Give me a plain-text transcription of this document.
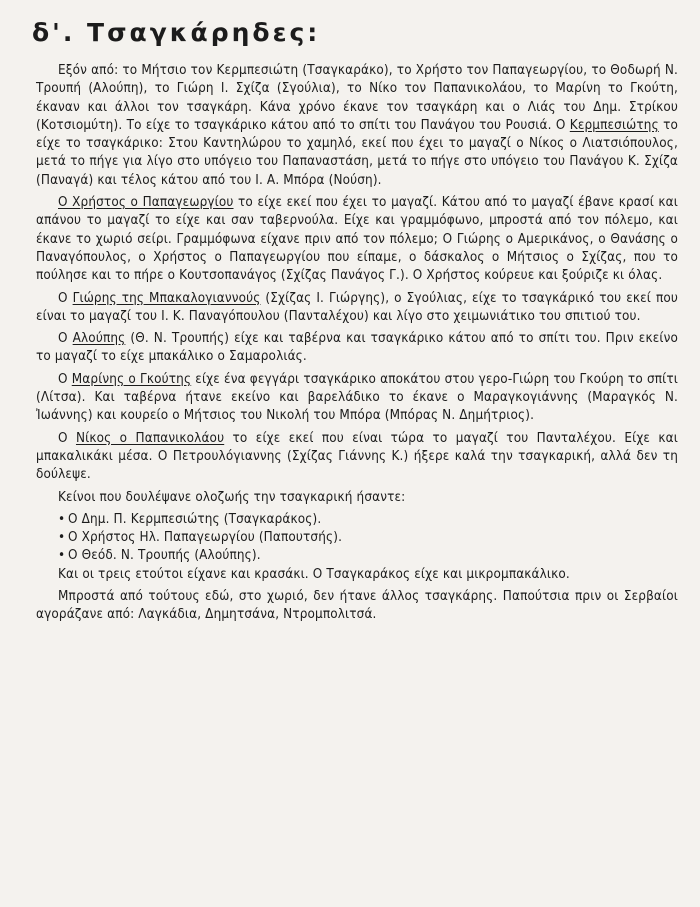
δ'. Τσαγκάρηδες:

Εξόν από: το Μήτσιο τον Κερμπεσιώτη (Τσαγκαράκο), το Χρήστο τον Παπαγεωργίου, το Θοδωρή Ν. Τρουπή (Αλούπη), το Γιώρη Ι. Σχίζα (Σγούλια), το Νίκο τον Παπανικολάου, το Μαρίνη το Γκούτη, έκαναν και άλλοι τον τσαγκάρη. Κάνα χρόνο έκανε τον τσαγκάρη και ο Λιάς του Δημ. Στρίκου (Κοτσιομύτη). Το είχε το τσαγκάρικο κάτου από το σπίτι του Πανάγου του Ρουσιά. Ο Κερμπεσιώτης το είχε το τσαγκάρικο: Στου Καντηλώρου το χαμηλό, εκεί που έχει το μαγαζί ο Νίκος ο Λιατσιόπουλος, μετά το πήγε για λίγο στο υπόγειο του Παπαναστάση, μετά το πήγε στο υπόγειο του Πανάγου Κ. Σχίζα (Παναγά) και τέλος κάτου από του Ι. Α. Μπόρα (Νούση).

Ο Χρήστος ο Παπαγεωργίου το είχε εκεί που έχει το μαγαζί. Κάτου από το μαγαζί έβανε κρασί και απάνου το μαγαζί το είχε και σαν ταβερνούλα. Είχε και γραμμόφωνο, μπροστά από τον πόλεμο, και έκανε το χωριό σείρι. Γραμμόφωνα είχανε πριν από τον πόλεμο; Ο Γιώρης ο Αμερικάνος, ο Θανάσης ο Παναγόπουλος, ο Χρήστος ο Παπαγεωργίου που είπαμε, ο δάσκαλος ο Μήτσιος ο Σχίζας, που το πούλησε και το πήρε ο Κουτσοπανάγος (Σχίζας Πανάγος Γ.). Ο Χρήστος κούρευε και ξούριζε κι όλας.

Ο Γιώρης της Μπακαλογιαννούς (Σχίζας Ι. Γιώργης), ο Σγούλιας, είχε το τσαγκάρικό του εκεί που είναι το μαγαζί του Ι. Κ. Παναγόπουλου (Πανταλέχου) και λίγο στο χειμωνιάτικο του σπιτιού του.

Ο Αλούπης (Θ. Ν. Τρουπής) είχε και ταβέρνα και τσαγκάρικο κάτου από το σπίτι του. Πριν εκείνο το μαγαζί το είχε μπακάλικο ο Σαμαρολιάς.

Ο Μαρίνης ο Γκούτης είχε ένα φεγγάρι τσαγκάρικο αποκάτου στου γερο-Γιώρη του Γκούρη το σπίτι (Λίτσα). Και ταβέρνα ήτανε εκείνο και βαρελάδικο το έκανε ο Μαραγκογιάννης (Μαραγκός Ν. Ἰωάννης) και κουρείο ο Μήτσιος του Νικολή του Μπόρα (Μπόρας Ν. Δημήτριος).

Ο Νίκος ο Παπανικολάου το είχε εκεί που είναι τώρα το μαγαζί του Πανταλέχου. Είχε και μπακαλικάκι μέσα. Ο Πετρουλόγιαννης (Σχίζας Γιάννης Κ.) ήξερε καλά την τσαγκαρική, αλλά δεν τη δούλεψε.

Κείνοι που δουλέψανε ολοζωής την τσαγκαρική ήσαντε:

• Ο Δημ. Π. Κερμπεσιώτης (Τσαγκαράκος).
• Ο Χρήστος Ηλ. Παπαγεωργίου (Παπουτσής).
• Ο Θεόδ. Ν. Τρουπής (Αλούπης).

Και οι τρεις ετούτοι είχανε και κρασάκι. Ο Τσαγκαράκος είχε και μικρομπακάλικο.

Μπροστά από τούτους εδώ, στο χωριό, δεν ήτανε άλλος τσαγκάρης. Παπούτσια πριν οι Σερβαίοι αγοράζανε από: Λαγκάδια, Δημητσάνα, Ντρομπολιτσά.
